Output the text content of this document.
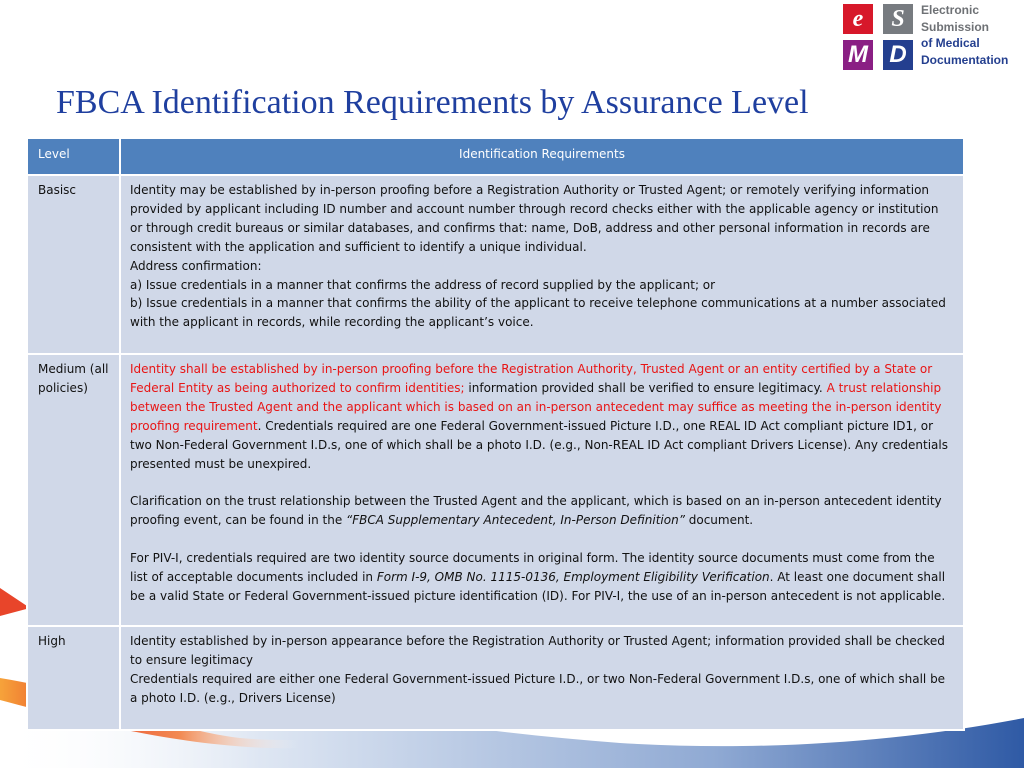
e	S
M D
Electronic
Submission
of Medical
Documentation
FBCA Identification Requirements by Assurance Level
Level	Identification Requirements
Basisc	Identity may be established by in-person proofing before a Registration Authority or Trusted Agent; or remotely verifying information provided by applicant including ID number and account number through record checks either with the applicable agency or institution or through credit bureaus or similar databases, and confirms that: name, DoB, address and other personal information in records are consistent with the application and sufficient to identify a unique individual.
Address confirmation:
a) Issue credentials in a manner that confirms the address of record supplied by the applicant; or
b) Issue credentials in a manner that confirms the ability of the applicant to receive telephone communications at a number associated with the applicant in records, while recording the applicant’s voice.

Medium (all policies)	Identity shall be established by in-person proofing before the Registration Authority, Trusted Agent or an entity certified by a State or Federal Entity as being authorized to confirm identities; information provided shall be verified to ensure legitimacy. A trust relationship between the Trusted Agent and the applicant which is based on an in-person antecedent may suffice as meeting the in-person identity proofing requirement. Credentials required are one Federal Government-issued Picture I.D., one REAL ID Act compliant picture ID1, or two Non-Federal Government I.D.s, one of which shall be a photo I.D. (e.g., Non-REAL ID Act compliant Drivers License). Any credentials presented must be unexpired.
Clarification on the trust relationship between the Trusted Agent and the applicant, which is based on an in-person antecedent identity proofing event, can be found in the “FBCA Supplementary Antecedent, In-Person Definition” document.
For PIV-I, credentials required are two identity source documents in original form. The identity source documents must come from the list of acceptable documents included in Form I-9, OMB No. 1115-0136, Employment Eligibility Verification. At least one document shall be a valid State or Federal Government-issued picture identification (ID). For PIV-I, the use of an in-person antecedent is not applicable.

High	Identity established by in-person appearance before the Registration Authority or Trusted Agent; information provided shall be checked to ensure legitimacy
Credentials required are either one Federal Government-issued Picture I.D., or two Non-Federal Government I.D.s, one of which shall be a photo I.D. (e.g., Drivers License)
